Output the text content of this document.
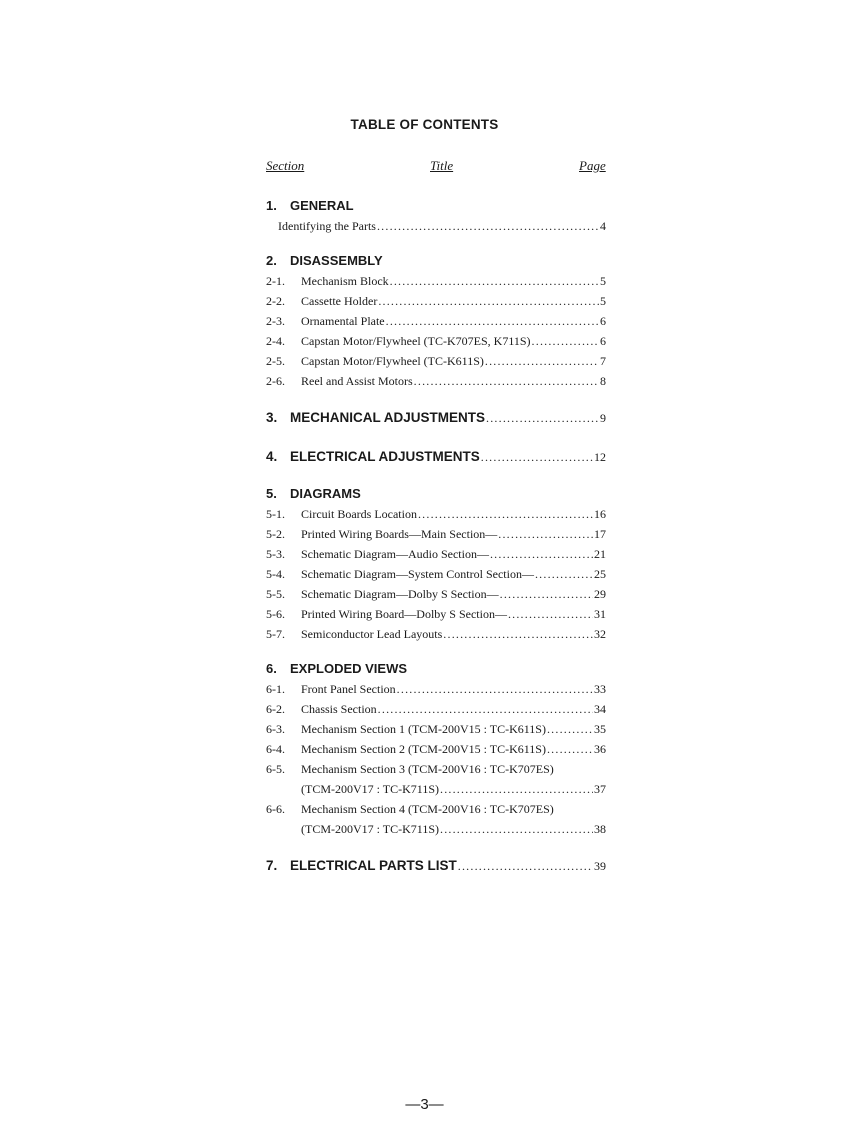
TABLE OF CONTENTS
Section	Title	Page
1.	GENERAL
Identifying the Parts .....	4
2.	DISASSEMBLY
2-1.	Mechanism Block .....	5
2-2.	Cassette Holder .....	5
2-3.	Ornamental Plate .....	6
2-4.	Capstan Motor/Flywheel (TC-K707ES, K711S) .....	6
2-5.	Capstan Motor/Flywheel (TC-K611S) .....	7
2-6.	Reel and Assist Motors .....	8
3. MECHANICAL ADJUSTMENTS .....	9
4. ELECTRICAL ADJUSTMENTS .....	12
5.	DIAGRAMS
5-1.	Circuit Boards Location .....	16
5-2.	Printed Wiring Boards—Main Section— .....	17
5-3.	Schematic Diagram—Audio Section— .....	21
5-4.	Schematic Diagram—System Control Section— .....	25
5-5.	Schematic Diagram—Dolby S Section— .....	29
5-6.	Printed Wiring Board—Dolby S Section— .....	31
5-7.	Semiconductor Lead Layouts .....	32
6.	EXPLODED VIEWS
6-1.	Front Panel Section .....	33
6-2.	Chassis Section .....	34
6-3.	Mechanism Section 1 (TCM-200V15 : TC-K611S) .....	35
6-4.	Mechanism Section 2 (TCM-200V15 : TC-K611S) .....	36
6-5.	Mechanism Section 3 (TCM-200V16 : TC-K707ES)
(TCM-200V17 : TC-K711S) .....	37
6-6.	Mechanism Section 4 (TCM-200V16 : TC-K707ES)
(TCM-200V17 : TC-K711S) .....	38
7. ELECTRICAL PARTS LIST .....	39
—3—
